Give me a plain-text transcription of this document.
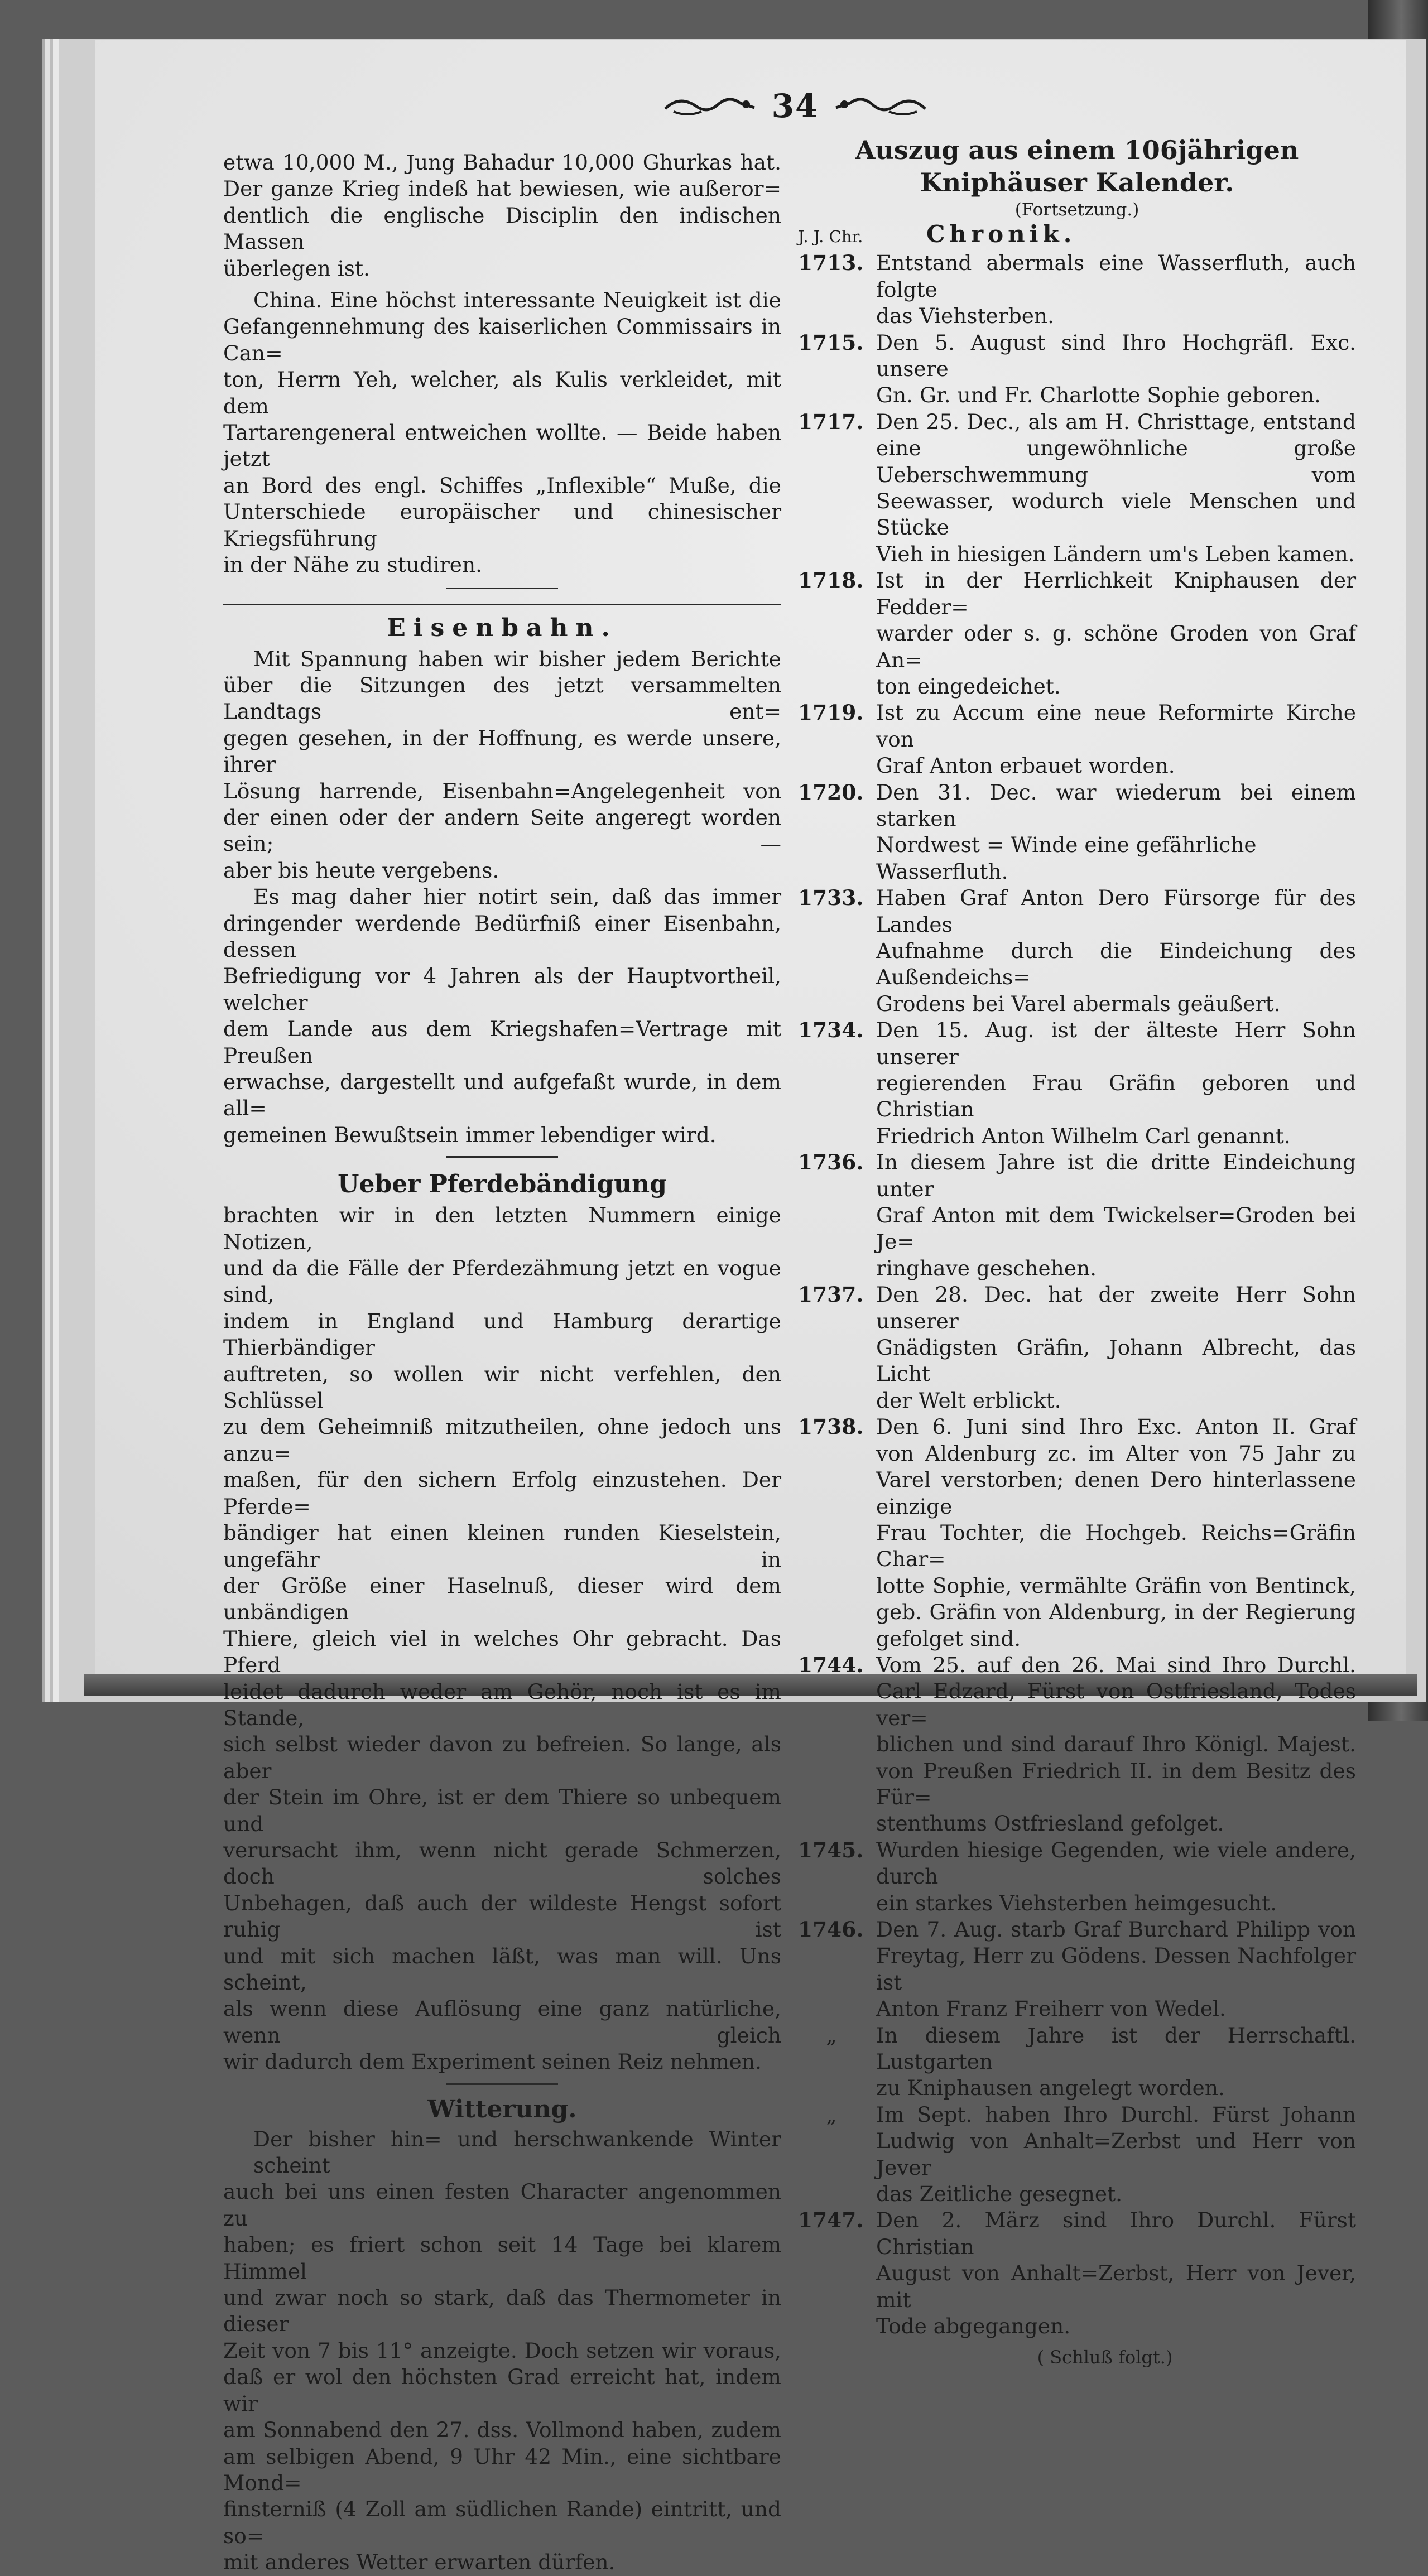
34
etwa 10,000 M., Jung Bahadur 10,000 Ghurkas hat.
Der ganze Krieg indeß hat bewiesen, wie außeror=
dentlich die englische Disciplin den indischen Massen
überlegen ist.
China. Eine höchst interessante Neuigkeit ist die
Gefangennehmung des kaiserlichen Commissairs in Can=
ton, Herrn Yeh, welcher, als Kulis verkleidet, mit dem
Tartarengeneral entweichen wollte. — Beide haben jetzt
an Bord des engl. Schiffes „Inflexible“ Muße, die
Unterschiede europäischer und chinesischer Kriegsführung
in der Nähe zu studiren.
Eisenbahn.
Mit Spannung haben wir bisher jedem Berichte
über die Sitzungen des jetzt versammelten Landtags ent=
gegen gesehen, in der Hoffnung, es werde unsere, ihrer
Lösung harrende, Eisenbahn=Angelegenheit von
der einen oder der andern Seite angeregt worden sein; —
aber bis heute vergebens.
Es mag daher hier notirt sein, daß das immer
dringender werdende Bedürfniß einer Eisenbahn, dessen
Befriedigung vor 4 Jahren als der Hauptvortheil, welcher
dem Lande aus dem Kriegshafen=Vertrage mit Preußen
erwachse, dargestellt und aufgefaßt wurde, in dem all=
gemeinen Bewußtsein immer lebendiger wird.
Ueber Pferdebändigung
brachten wir in den letzten Nummern einige Notizen,
und da die Fälle der Pferdezähmung jetzt en vogue sind,
indem in England und Hamburg derartige Thierbändiger
auftreten, so wollen wir nicht verfehlen, den Schlüssel
zu dem Geheimniß mitzutheilen, ohne jedoch uns anzu=
maßen, für den sichern Erfolg einzustehen. Der Pferde=
bändiger hat einen kleinen runden Kieselstein, ungefähr in
der Größe einer Haselnuß, dieser wird dem unbändigen
Thiere, gleich viel in welches Ohr gebracht. Das Pferd
leidet dadurch weder am Gehör, noch ist es im Stande,
sich selbst wieder davon zu befreien. So lange, als aber
der Stein im Ohre, ist er dem Thiere so unbequem und
verursacht ihm, wenn nicht gerade Schmerzen, doch solches
Unbehagen, daß auch der wildeste Hengst sofort ruhig ist
und mit sich machen läßt, was man will. Uns scheint,
als wenn diese Auflösung eine ganz natürliche, wenn gleich
wir dadurch dem Experiment seinen Reiz nehmen.
Witterung.
Der bisher hin= und herschwankende Winter scheint
auch bei uns einen festen Character angenommen zu
haben; es friert schon seit 14 Tage bei klarem Himmel
und zwar noch so stark, daß das Thermometer in dieser
Zeit von 7 bis 11° anzeigte. Doch setzen wir voraus,
daß er wol den höchsten Grad erreicht hat, indem wir
am Sonnabend den 27. dss. Vollmond haben, zudem
am selbigen Abend, 9 Uhr 42 Min., eine sichtbare Mond=
finsterniß (4 Zoll am südlichen Rande) eintritt, und so=
mit anderes Wetter erwarten dürfen.
Auszug aus einem 106jährigen
Kniphäuser Kalender.
(Fortsetzung.)
J. J. Chr.	Chronik.
1713. Entstand abermals eine Wasserfluth, auch folgte
das Viehsterben.
1715. Den 5. August sind Ihro Hochgräfl. Exc. unsere
Gn. Gr. und Fr. Charlotte Sophie geboren.
1717. Den 25. Dec., als am H. Christtage, entstand
eine ungewöhnliche große Ueberschwemmung vom
Seewasser, wodurch viele Menschen und Stücke
Vieh in hiesigen Ländern um's Leben kamen.
1718. Ist in der Herrlichkeit Kniphausen der Fedder=
warder oder s. g. schöne Groden von Graf An=
ton eingedeichet.
1719. Ist zu Accum eine neue Reformirte Kirche von
Graf Anton erbauet worden.
1720. Den 31. Dec. war wiederum bei einem starken
Nordwest = Winde eine gefährliche Wasserfluth.
1733. Haben Graf Anton Dero Fürsorge für des Landes
Aufnahme durch die Eindeichung des Außendeichs=
Grodens bei Varel abermals geäußert.
1734. Den 15. Aug. ist der älteste Herr Sohn unserer
regierenden Frau Gräfin geboren und Christian
Friedrich Anton Wilhelm Carl genannt.
1736. In diesem Jahre ist die dritte Eindeichung unter
Graf Anton mit dem Twickelser=Groden bei Je=
ringhave geschehen.
1737. Den 28. Dec. hat der zweite Herr Sohn unserer
Gnädigsten Gräfin, Johann Albrecht, das Licht
der Welt erblickt.
1738. Den 6. Juni sind Ihro Exc. Anton II. Graf
von Aldenburg zc. im Alter von 75 Jahr zu
Varel verstorben; denen Dero hinterlassene einzige
Frau Tochter, die Hochgeb. Reichs=Gräfin Char=
lotte Sophie, vermählte Gräfin von Bentinck,
geb. Gräfin von Aldenburg, in der Regierung
gefolget sind.
1744. Vom 25. auf den 26. Mai sind Ihro Durchl.
Carl Edzard, Fürst von Ostfriesland, Todes ver=
blichen und sind darauf Ihro Königl. Majest.
von Preußen Friedrich II. in dem Besitz des Für=
stenthums Ostfriesland gefolget.
1745. Wurden hiesige Gegenden, wie viele andere, durch
ein starkes Viehsterben heimgesucht.
1746. Den 7. Aug. starb Graf Burchard Philipp von
Freytag, Herr zu Gödens. Dessen Nachfolger ist
Anton Franz Freiherr von Wedel.
„	In diesem Jahre ist der Herrschaftl. Lustgarten
zu Kniphausen angelegt worden.
„	Im Sept. haben Ihro Durchl. Fürst Johann
Ludwig von Anhalt=Zerbst und Herr von Jever
das Zeitliche gesegnet.
1747. Den 2. März sind Ihro Durchl. Fürst Christian
August von Anhalt=Zerbst, Herr von Jever, mit
Tode abgegangen.
( Schluß folgt.)
